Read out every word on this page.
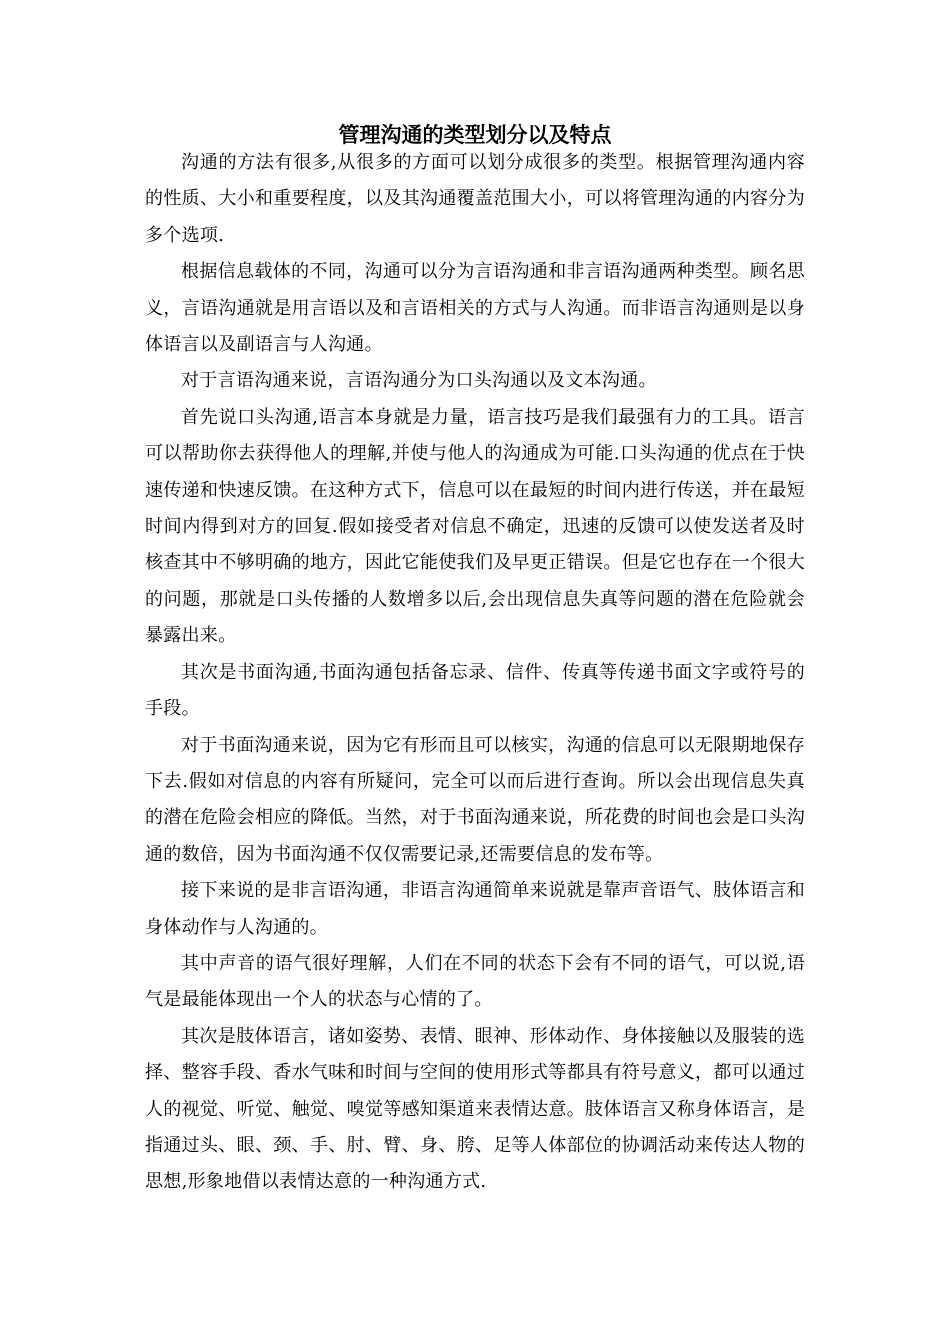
管理沟通的类型划分以及特点

沟通的方法有很多,从很多的方面可以划分成很多的类型。根据管理沟通内容的性质、大小和重要程度，以及其沟通覆盖范围大小，可以将管理沟通的内容分为多个选项.

根据信息载体的不同，沟通可以分为言语沟通和非言语沟通两种类型。顾名思义，言语沟通就是用言语以及和言语相关的方式与人沟通。而非语言沟通则是以身体语言以及副语言与人沟通。

对于言语沟通来说，言语沟通分为口头沟通以及文本沟通。

首先说口头沟通,语言本身就是力量，语言技巧是我们最强有力的工具。语言可以帮助你去获得他人的理解,并使与他人的沟通成为可能.口头沟通的优点在于快速传递和快速反馈。在这种方式下，信息可以在最短的时间内进行传送，并在最短时间内得到对方的回复.假如接受者对信息不确定，迅速的反馈可以使发送者及时核查其中不够明确的地方，因此它能使我们及早更正错误。但是它也存在一个很大的问题，那就是口头传播的人数增多以后,会出现信息失真等问题的潜在危险就会暴露出来。

其次是书面沟通,书面沟通包括备忘录、信件、传真等传递书面文字或符号的手段。

对于书面沟通来说，因为它有形而且可以核实，沟通的信息可以无限期地保存下去.假如对信息的内容有所疑问，完全可以而后进行查询。所以会出现信息失真的潜在危险会相应的降低。当然，对于书面沟通来说，所花费的时间也会是口头沟通的数倍，因为书面沟通不仅仅需要记录,还需要信息的发布等。

接下来说的是非言语沟通，非语言沟通简单来说就是靠声音语气、肢体语言和身体动作与人沟通的。

其中声音的语气很好理解，人们在不同的状态下会有不同的语气，可以说,语气是最能体现出一个人的状态与心情的了。

其次是肢体语言，诸如姿势、表情、眼神、形体动作、身体接触以及服装的选择、整容手段、香水气味和时间与空间的使用形式等都具有符号意义，都可以通过人的视觉、听觉、触觉、嗅觉等感知渠道来表情达意。肢体语言又称身体语言，是指通过头、眼、颈、手、肘、臂、身、胯、足等人体部位的协调活动来传达人物的思想,形象地借以表情达意的一种沟通方式.
